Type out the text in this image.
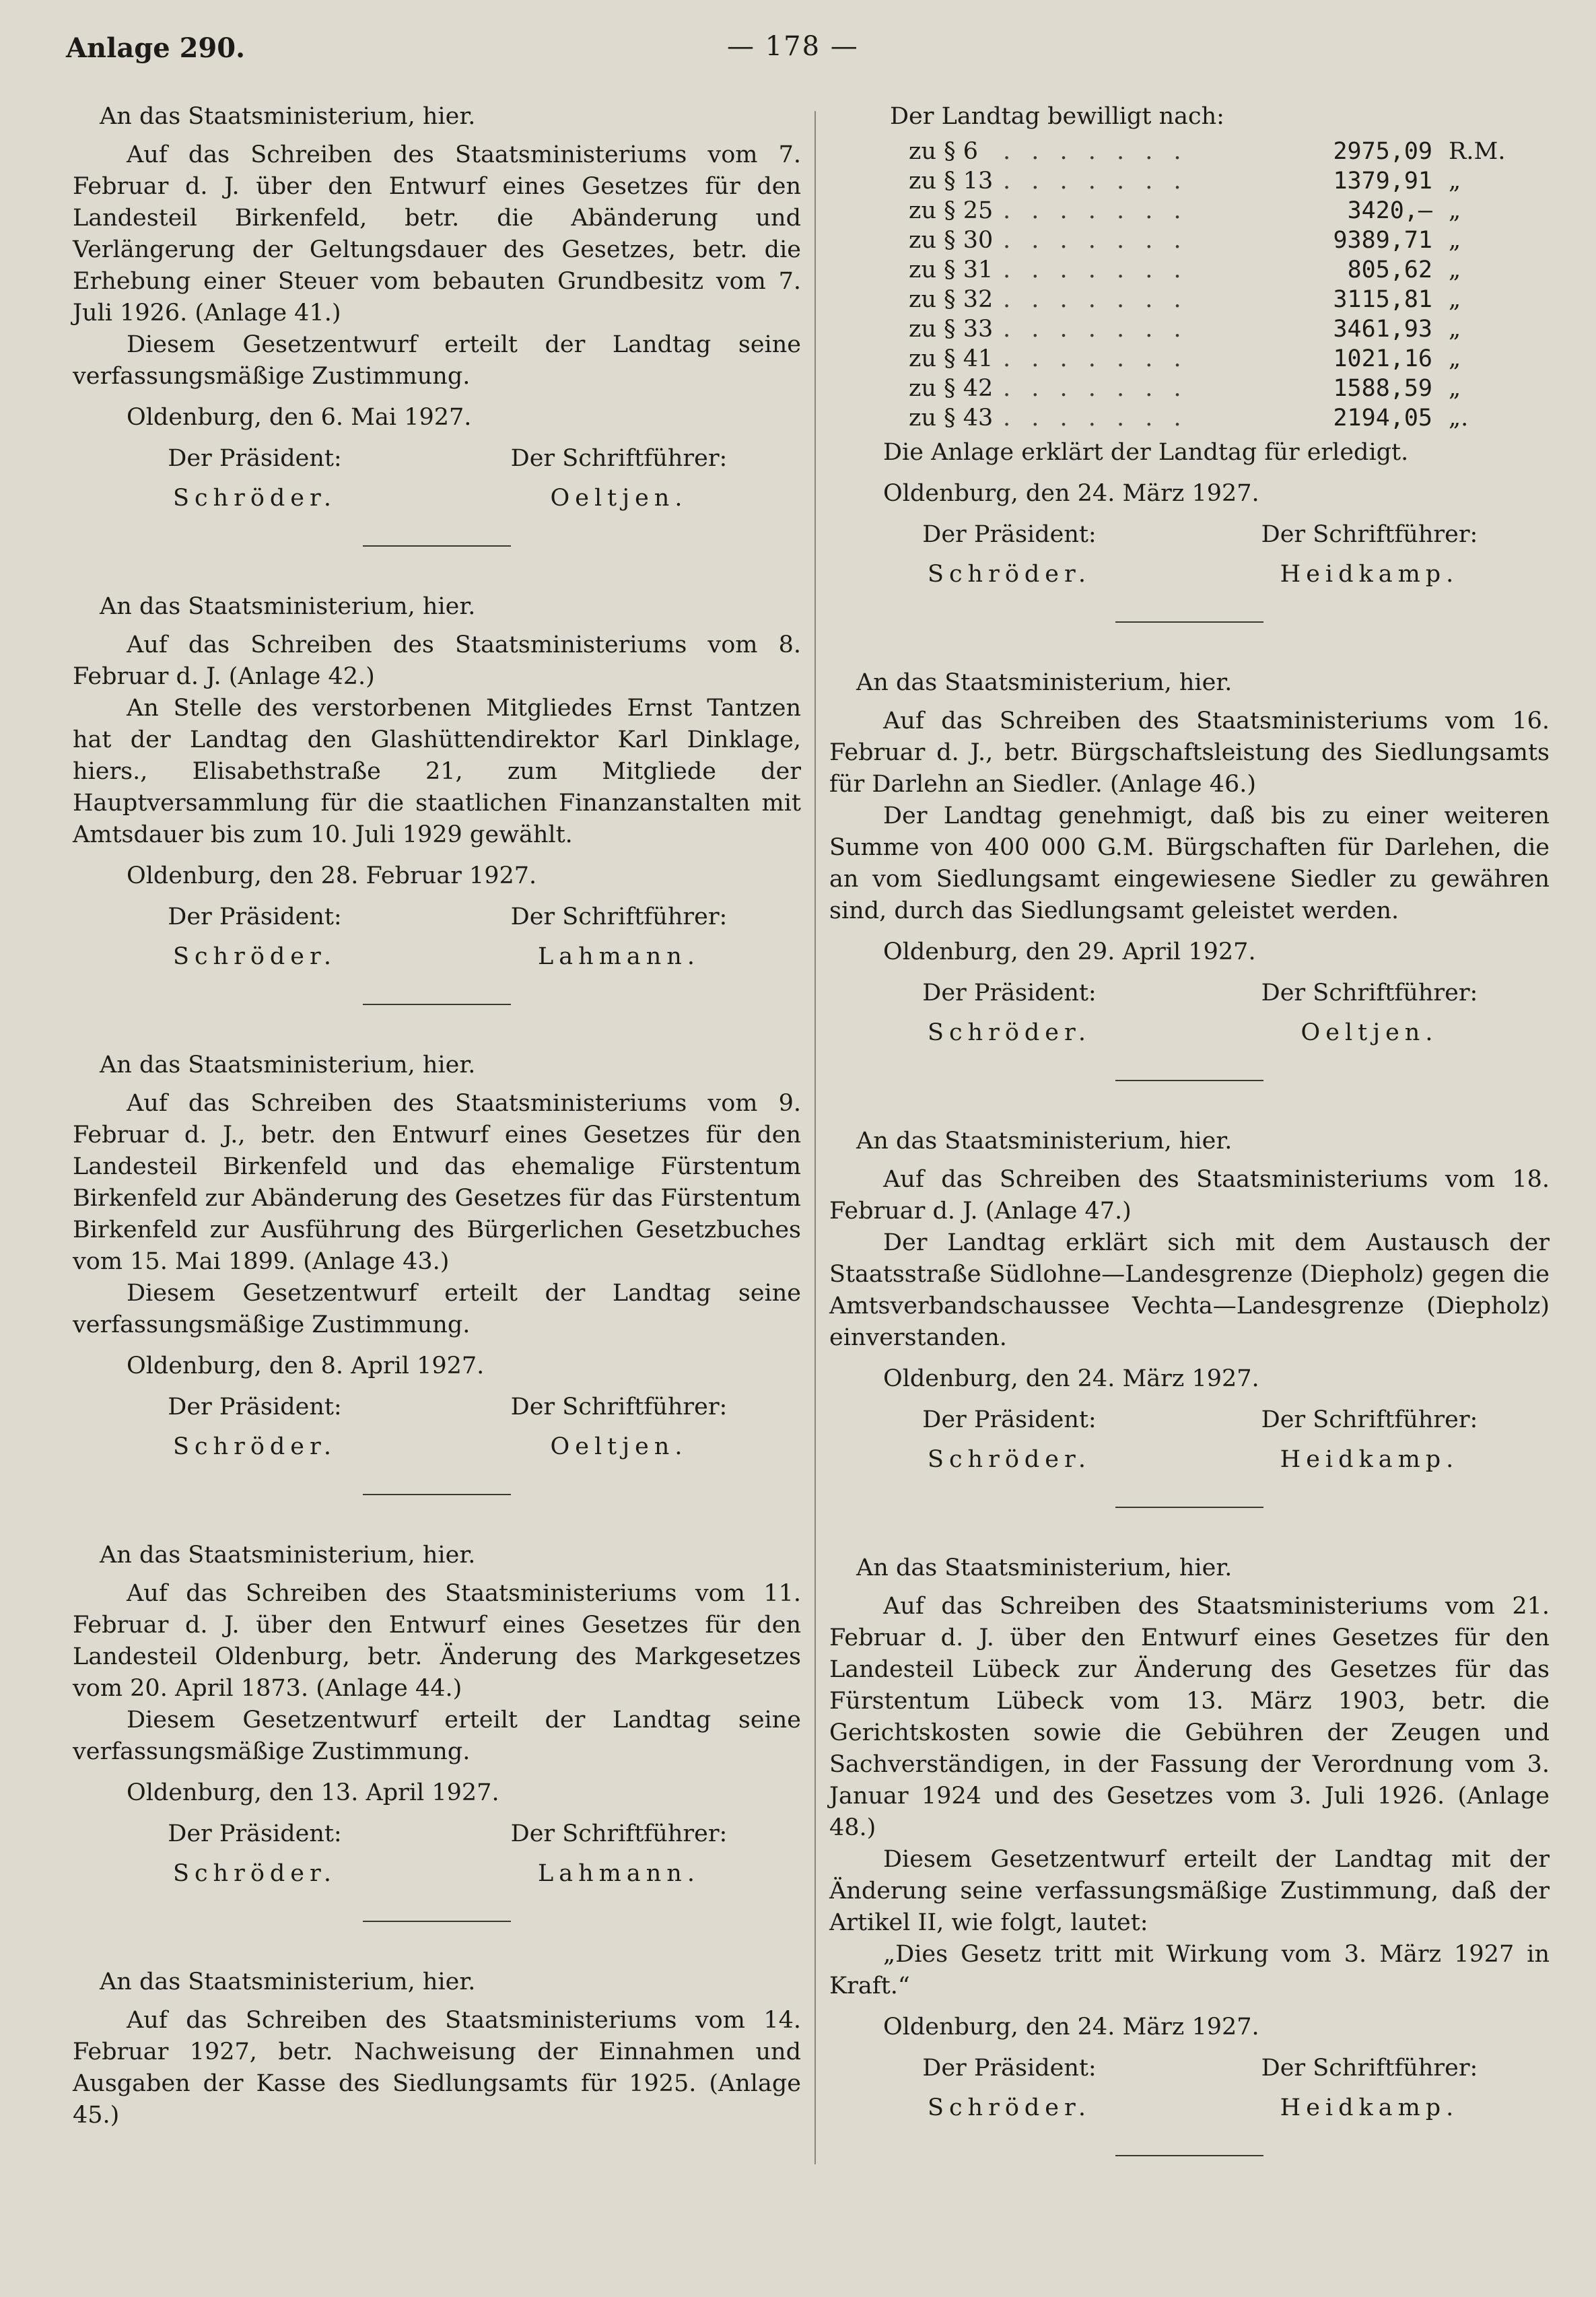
Anlage 290.	— 178 —

An das Staatsministerium, hier.

Auf das Schreiben des Staatsministeriums vom 7. Februar d. J. über den Entwurf eines Gesetzes für den Landesteil Birkenfeld, betr. die Abänderung und Verlängerung der Geltungsdauer des Gesetzes, betr. die Erhebung einer Steuer vom bebauten Grundbesitz vom 7. Juli 1926. (Anlage 41.)

Diesem Gesetzentwurf erteilt der Landtag seine verfassungsmäßige Zustimmung.

Oldenburg, den 6. Mai 1927.

Der Präsident:	Der Schriftführer:
Schröder.	Oeltjen.

An das Staatsministerium, hier.

Auf das Schreiben des Staatsministeriums vom 8. Februar d. J. (Anlage 42.)

An Stelle des verstorbenen Mitgliedes Ernst Tantzen hat der Landtag den Glashüttendirektor Karl Dinklage, hiers., Elisabethstraße 21, zum Mitgliede der Hauptversammlung für die staatlichen Finanzanstalten mit Amtsdauer bis zum 10. Juli 1929 gewählt.

Oldenburg, den 28. Februar 1927.

Der Präsident:	Der Schriftführer:
Schröder.	Lahmann.

An das Staatsministerium, hier.

Auf das Schreiben des Staatsministeriums vom 9. Februar d. J., betr. den Entwurf eines Gesetzes für den Landesteil Birkenfeld und das ehemalige Fürstentum Birkenfeld zur Abänderung des Gesetzes für das Fürstentum Birkenfeld zur Ausführung des Bürgerlichen Gesetzbuches vom 15. Mai 1899. (Anlage 43.)

Diesem Gesetzentwurf erteilt der Landtag seine verfassungsmäßige Zustimmung.

Oldenburg, den 8. April 1927.

Der Präsident:	Der Schriftführer:
Schröder.	Oeltjen.

An das Staatsministerium, hier.

Auf das Schreiben des Staatsministeriums vom 11. Februar d. J. über den Entwurf eines Gesetzes für den Landesteil Oldenburg, betr. Änderung des Markgesetzes vom 20. April 1873. (Anlage 44.)

Diesem Gesetzentwurf erteilt der Landtag seine verfassungsmäßige Zustimmung.

Oldenburg, den 13. April 1927.

Der Präsident:	Der Schriftführer:
Schröder.	Lahmann.

An das Staatsministerium, hier.

Auf das Schreiben des Staatsministeriums vom 14. Februar 1927, betr. Nachweisung der Einnahmen und Ausgaben der Kasse des Siedlungsamts für 1925. (Anlage 45.)

Der Landtag bewilligt nach:

zu § 6	. . . . . . .	2975,09 R.M.
zu § 13 . . . . . . .	1379,91 „
zu § 25 . . . . . . .	3420,— „
zu § 30 . . . . . . .	9389,71 „
zu § 31 . . . . . . .	805,62 „
zu § 32 . . . . . . .	3115,81 „
zu § 33 . . . . . . .	3461,93 „
zu § 41 . . . . . . .	1021,16 „
zu § 42 . . . . . . .	1588,59 „
zu § 43 . . . . . . .	2194,05 „.

Die Anlage erklärt der Landtag für erledigt.

Oldenburg, den 24. März 1927.

Der Präsident:	Der Schriftführer:
Schröder.	Heidkamp.

An das Staatsministerium, hier.

Auf das Schreiben des Staatsministeriums vom 16. Februar d. J., betr. Bürgschaftsleistung des Siedlungsamts für Darlehn an Siedler. (Anlage 46.)

Der Landtag genehmigt, daß bis zu einer weiteren Summe von 400 000 G.M. Bürgschaften für Darlehen, die an vom Siedlungsamt eingewiesene Siedler zu gewähren sind, durch das Siedlungsamt geleistet werden.

Oldenburg, den 29. April 1927.

Der Präsident:	Der Schriftführer:
Schröder.	Oeltjen.

An das Staatsministerium, hier.

Auf das Schreiben des Staatsministeriums vom 18. Februar d. J. (Anlage 47.)

Der Landtag erklärt sich mit dem Austausch der Staatsstraße Südlohne—Landesgrenze (Diepholz) gegen die Amtsverbandschaussee Vechta—Landesgrenze (Diepholz) einverstanden.

Oldenburg, den 24. März 1927.

Der Präsident:	Der Schriftführer:
Schröder.	Heidkamp.

An das Staatsministerium, hier.

Auf das Schreiben des Staatsministeriums vom 21. Februar d. J. über den Entwurf eines Gesetzes für den Landesteil Lübeck zur Änderung des Gesetzes für das Fürstentum Lübeck vom 13. März 1903, betr. die Gerichtskosten sowie die Gebühren der Zeugen und Sachverständigen, in der Fassung der Verordnung vom 3. Januar 1924 und des Gesetzes vom 3. Juli 1926. (Anlage 48.)

Diesem Gesetzentwurf erteilt der Landtag mit der Änderung seine verfassungsmäßige Zustimmung, daß der Artikel II, wie folgt, lautet:

„Dies Gesetz tritt mit Wirkung vom 3. März 1927 in Kraft.“

Oldenburg, den 24. März 1927.

Der Präsident:	Der Schriftführer:
Schröder.	Heidkamp.
